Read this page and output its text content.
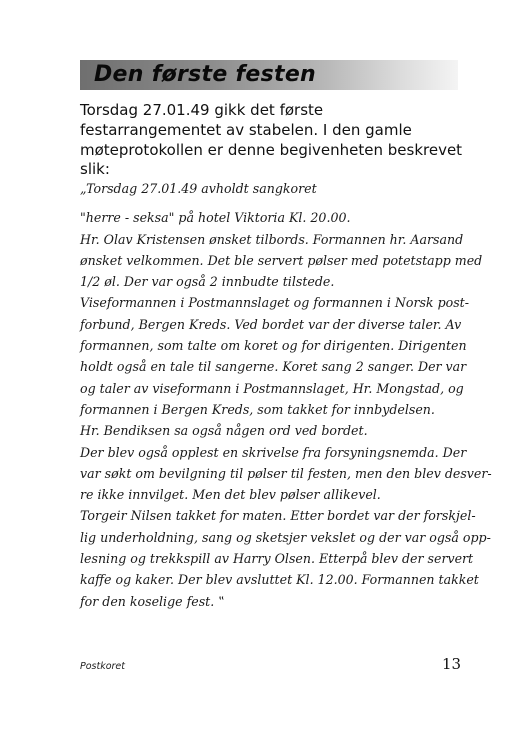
Den første festen

Torsdag 27.01.49 gikk det første festarrangementet av stabelen. I den gamle møteprotokollen er denne begivenheten beskrevet slik:

„Torsdag 27.01.49 avholdt sangkoret
"herre - seksa" på hotel Viktoria Kl. 20.00.
Hr. Olav Kristensen ønsket tilbords. Formannen hr. Aarsand
ønsket velkommen. Det ble servert pølser med potetstapp med
1/2 øl. Der var også 2 innbudte tilstede.
Viseformannen i Postmannslaget og formannen i Norsk post-
forbund, Bergen Kreds. Ved bordet var der diverse taler. Av
formannen, som talte om koret og for dirigenten. Dirigenten
holdt også en tale til sangerne. Koret sang 2 sanger. Der var
og taler av viseformann i Postmannslaget, Hr. Mongstad, og
formannen i Bergen Kreds, som takket for innbydelsen.
Hr. Bendiksen sa også någen ord ved bordet.
Der blev også opplest en skrivelse fra forsyningsnemda. Der
var søkt om bevilgning til pølser til festen, men den blev desver-
re ikke innvilget. Men det blev pølser allikevel.
Torgeir Nilsen takket for maten. Etter bordet var der forskjel-
lig underholdning, sang og sketsjer vekslet og der var også opp-
lesning og trekkspill av Harry Olsen. Etterpå blev der servert
kaffe og kaker. Der blev avsluttet Kl. 12.00. Formannen takket
for den koselige fest. ‟

Postkoret	13
